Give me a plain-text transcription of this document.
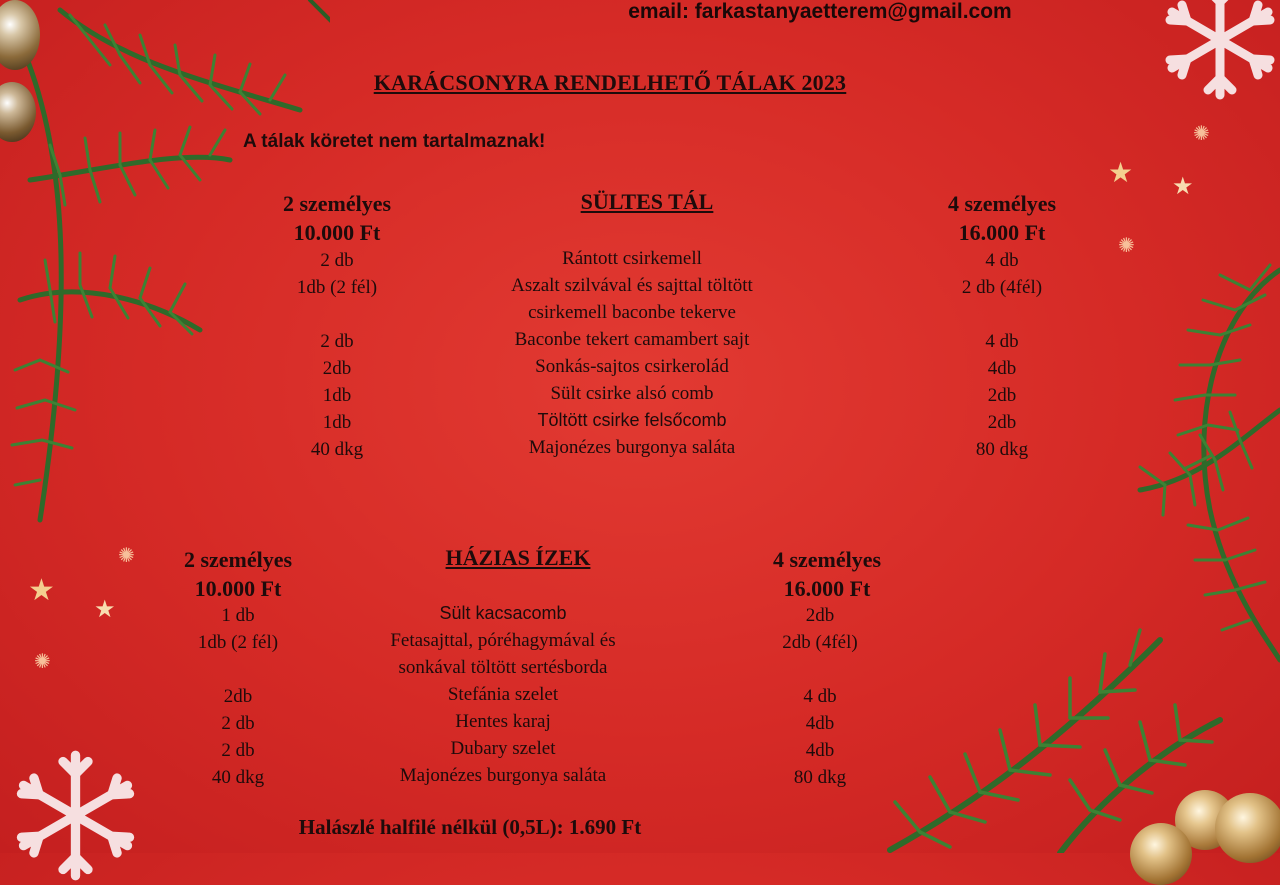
★ ★
✺
✺
★
★
✺
✺
email: farkastanyaetterem@gmail.com
KARÁCSONYRA RENDELHETŐ TÁLAK 2023
A tálak köretet nem tartalmaznak!
2 személyes
10.000 Ft
SÜLTES TÁL	4 személyes
16.000 Ft
2 db
1db (2 fél)
2 db
2db
1db
1db
40 dkg
Rántott csirkemell
Aszalt szilvával és sajttal töltött
csirkemell baconbe tekerve
Baconbe tekert camambert sajt
Sonkás-sajtos csirkerolád
Sült csirke alsó comb
Töltött csirke felsőcomb
Majonézes burgonya saláta
4 db
2 db (4fél)
4 db
4db
2db
2db
80 dkg
2 személyes
10.000 Ft
HÁZIAS ÍZEK	4 személyes
16.000 Ft
1 db
1db (2 fél)
2db
2 db
2 db
40 dkg
Sült kacsacomb
Fetasajttal, póréhagymával és
sonkával töltött sertésborda
Stefánia szelet
Hentes karaj
Dubary szelet
Majonézes burgonya saláta
2db
2db (4fél)
4 db
4db
4db
80 dkg
Halászlé halfilé nélkül (0,5L): 1.690 Ft
